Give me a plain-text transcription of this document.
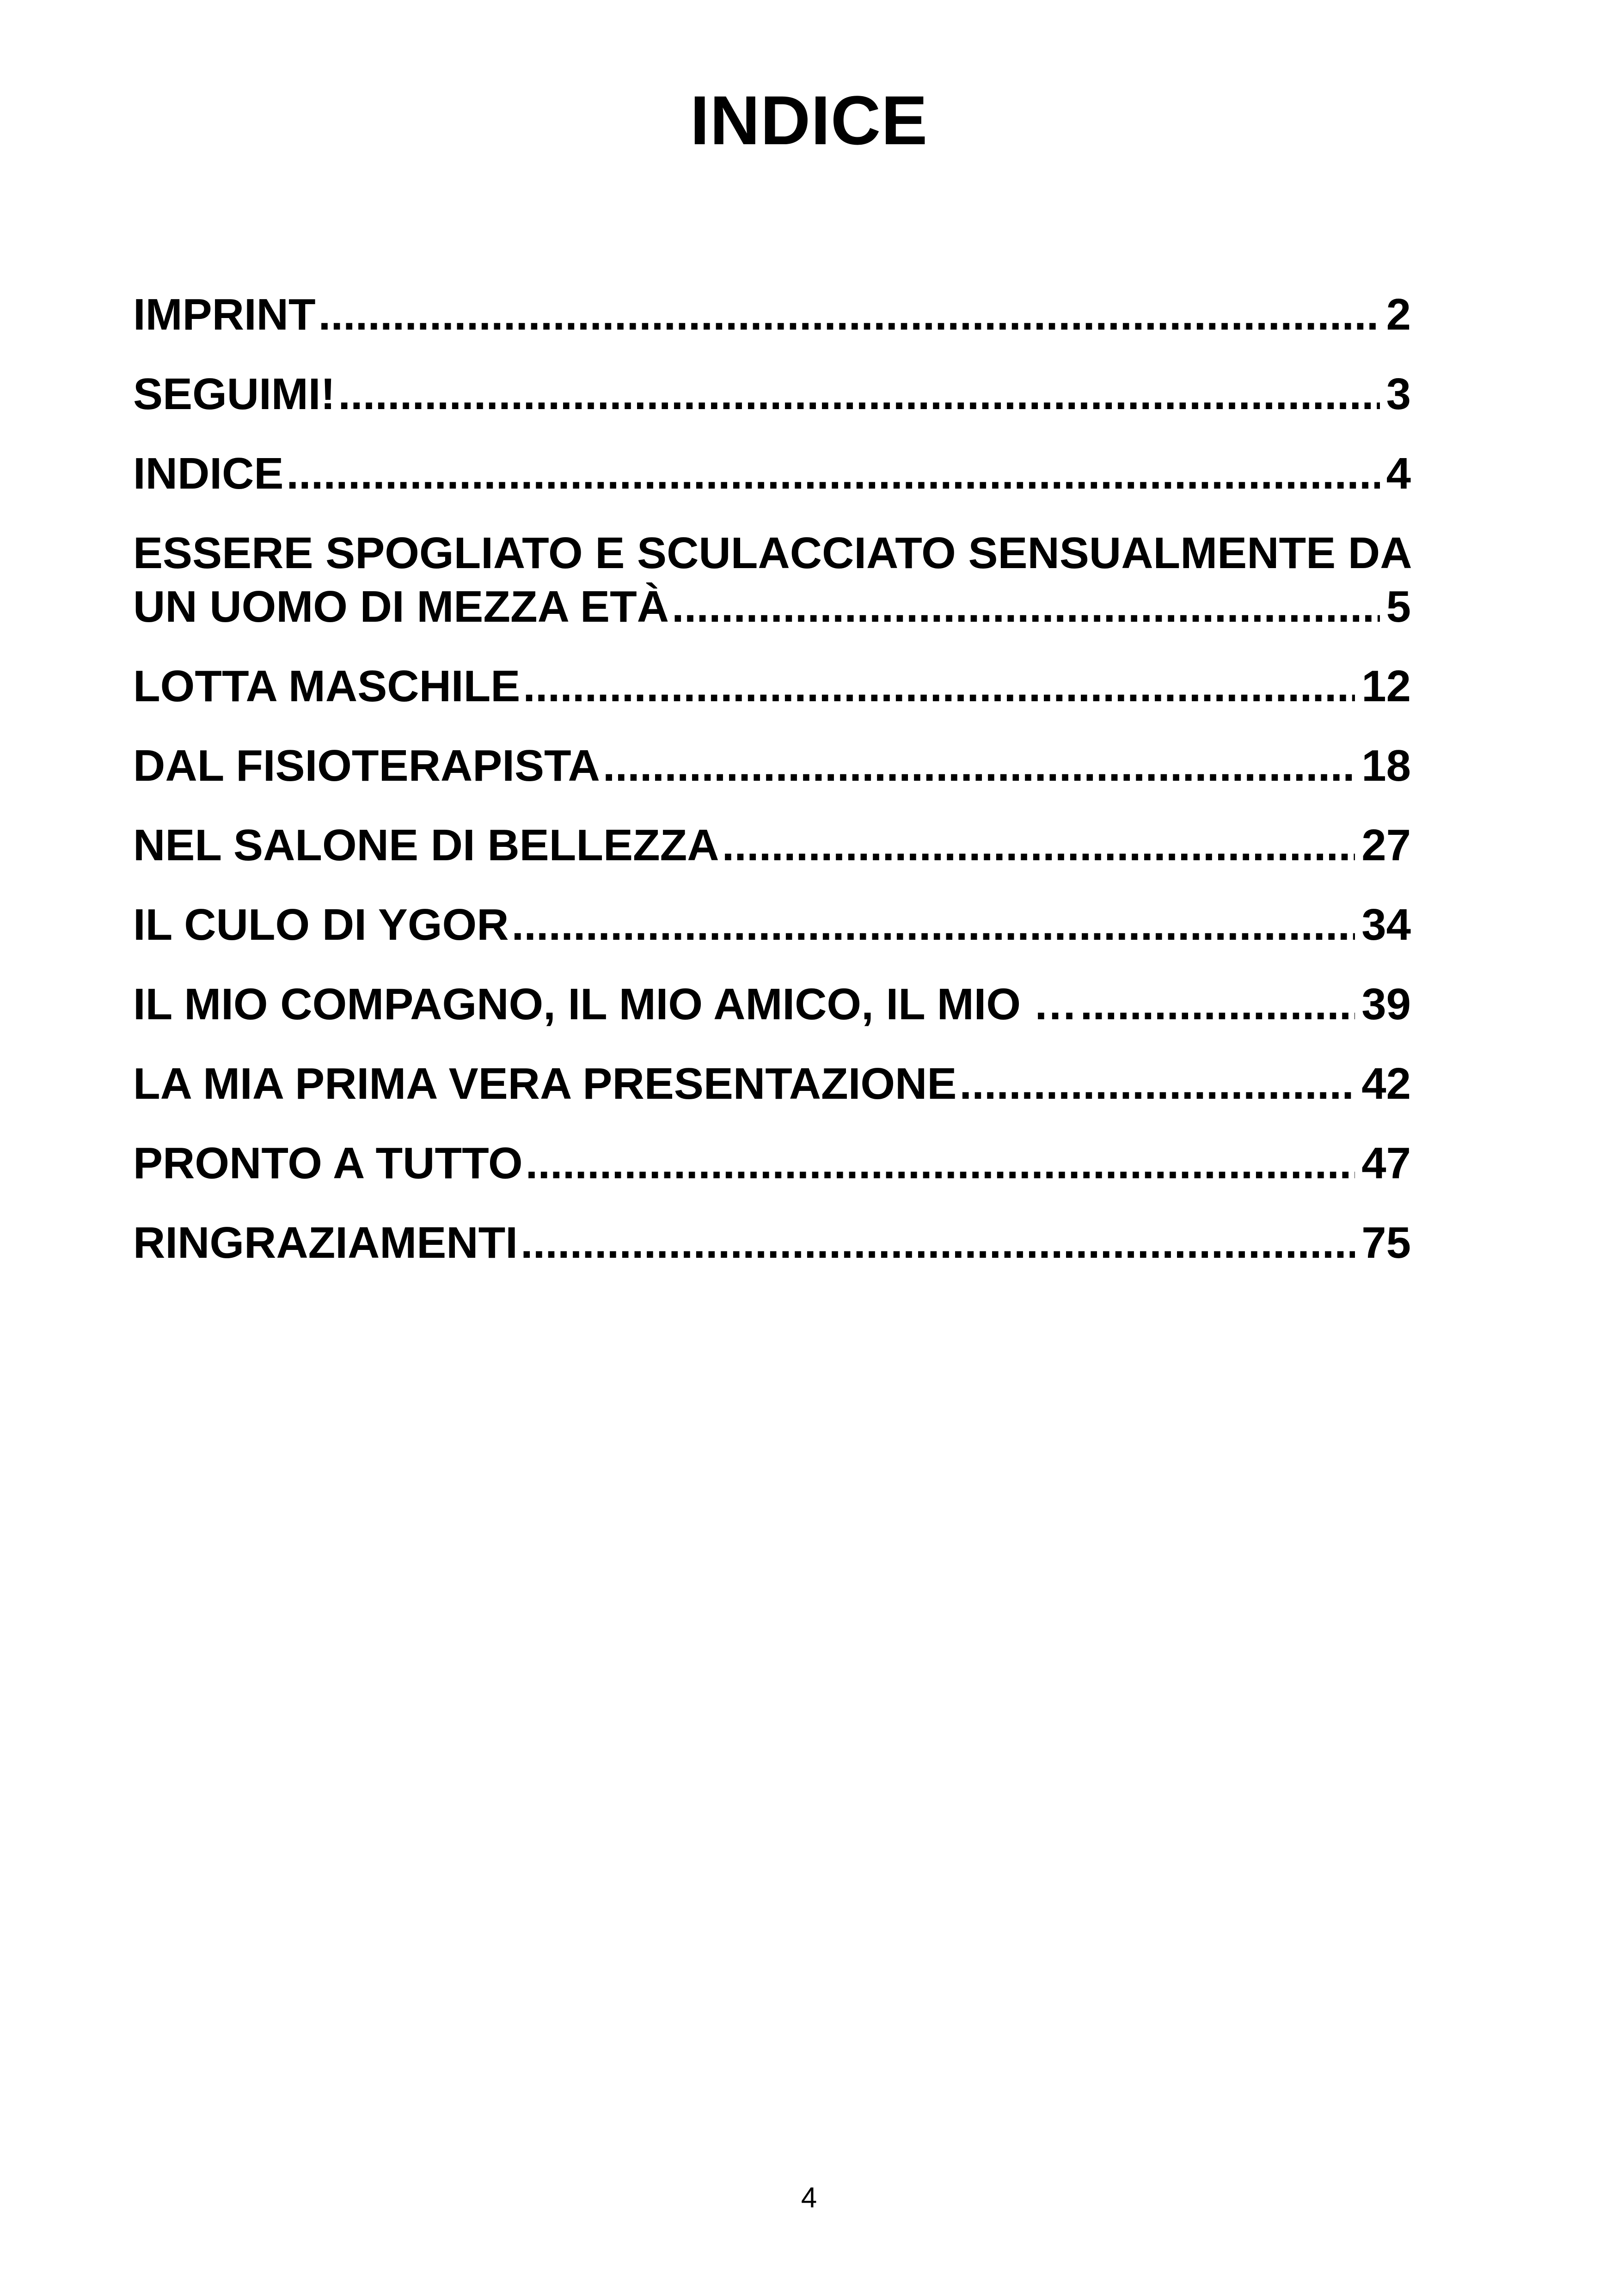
INDICE
IMPRINT .....	2
SEGUIMI! .....	3
INDICE .....	4
ESSERE SPOGLIATO E SCULACCIATO SENSUALMENTE DA
UN UOMO DI MEZZA ETÀ .....	5
LOTTA MASCHILE .....	12
DAL FISIOTERAPISTA .....	18
NEL SALONE DI BELLEZZA .....	27
IL CULO DI YGOR .....	34
IL MIO COMPAGNO, IL MIO AMICO, IL MIO … .....	39
LA MIA PRIMA VERA PRESENTAZIONE .....	42
PRONTO A TUTTO .....	47
RINGRAZIAMENTI .....	75
4
